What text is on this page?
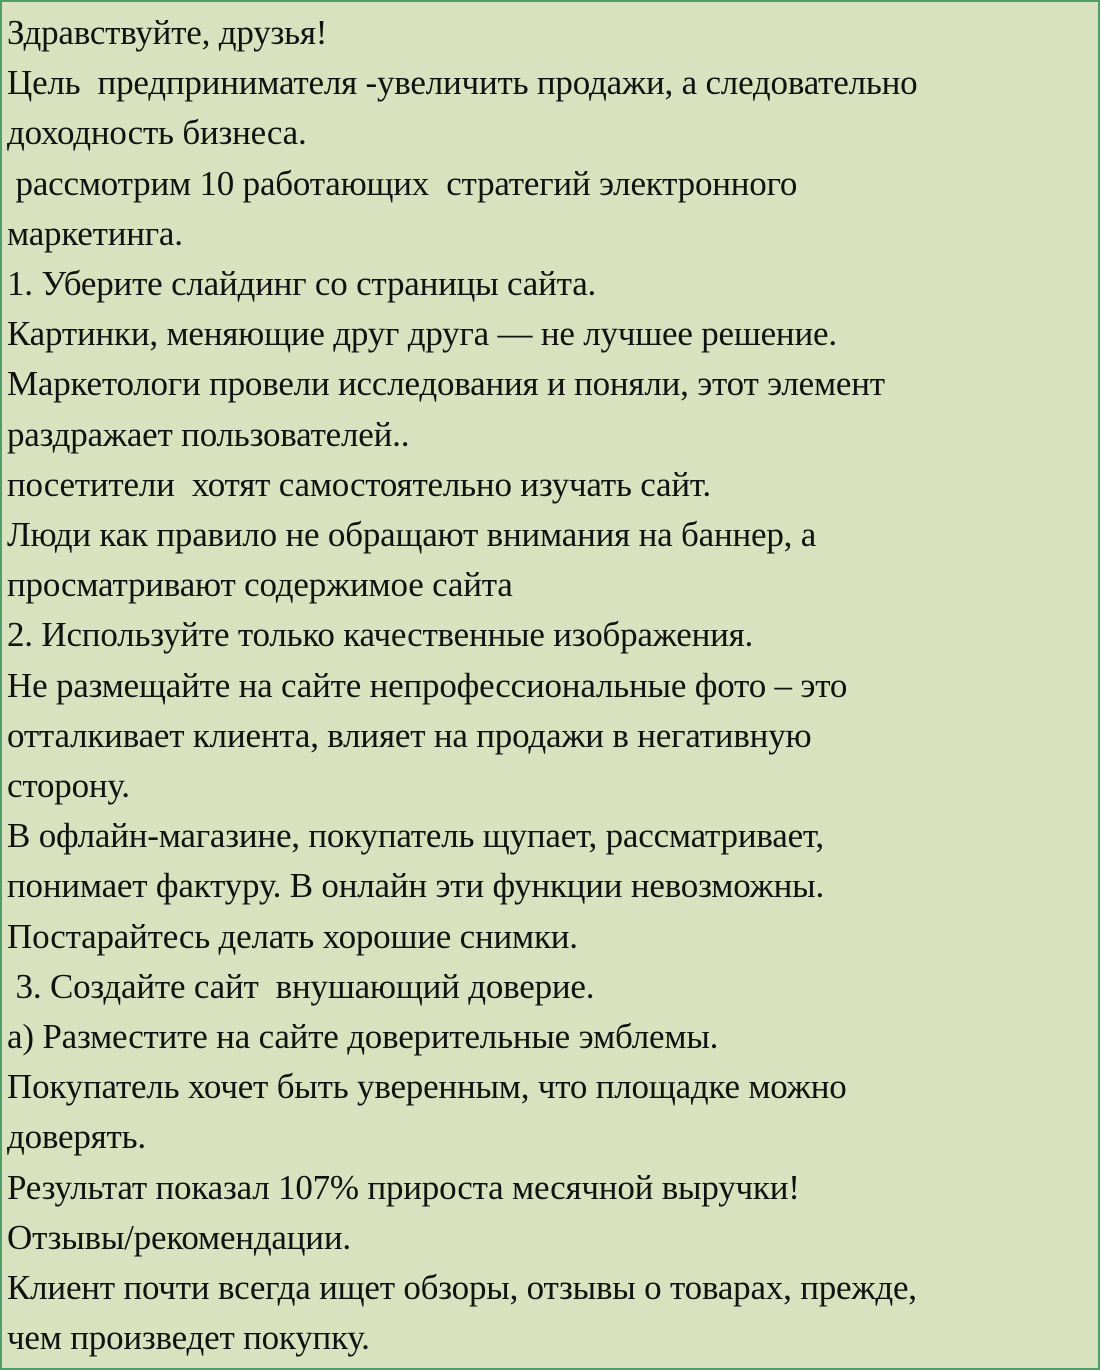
Здравствуйте, друзья!
Цель  предпринимателя -увеличить продажи, а следовательно
доходность бизнеса.
рассмотрим 10 работающих  стратегий электронного
маркетинга.
1. Уберите слайдинг со страницы сайта.
Картинки, меняющие друг друга — не лучшее решение.
Маркетологи провели исследования и поняли, этот элемент
раздражает пользователей..
посетители  хотят самостоятельно изучать сайт.
Люди как правило не обращают внимания на баннер, а
просматривают содержимое сайта
2. Используйте только качественные изображения.
Не размещайте на сайте непрофессиональные фото – это
отталкивает клиента, влияет на продажи в негативную
сторону.
В офлайн-магазине, покупатель щупает, рассматривает,
понимает фактуру. В онлайн эти функции невозможны.
Постарайтесь делать хорошие снимки.
3. Создайте сайт  внушающий доверие.
а) Разместите на сайте доверительные эмблемы.
Покупатель хочет быть уверенным, что площадке можно
доверять.
Результат показал 107% прироста месячной выручки!
Отзывы/рекомендации.
Клиент почти всегда ищет обзоры, отзывы о товарах, прежде,
чем произведет покупку.
